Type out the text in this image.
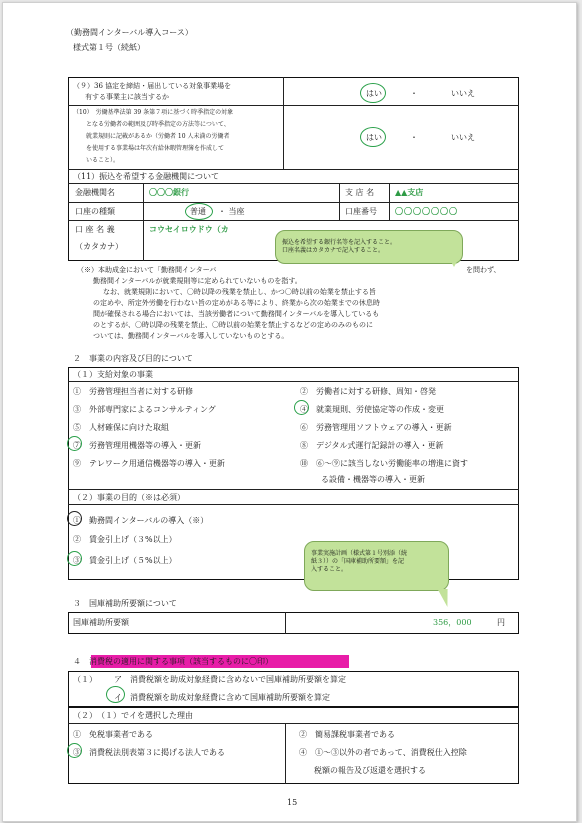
（勤務間インターバル導入コース）
様式第１号（続紙）
（９）36 協定を締結・届出している対象事業場を
有する事業主に該当するか	はい	・	いいえ
（10）　労働基準法第 39 条第７項に基づく時季指定の対象
となる労働者の範囲及び時季指定の方法等について、
就業規則に記載があるか（労働者 10 人未満の労働者
を使用する事業場は年次有給休暇管理簿を作成して
いること）。
はい	・	いいえ
（11）振込を希望する金融機関について
金融機関名	〇〇〇銀行	支 店 名	▲▲支店
口座の種類	普通 ・ 当座	口座番号 〇〇〇〇〇〇〇
口 座 名 義
（カタカナ）
コウセイロウドウ（カ
（※）本助成金において「勤務間インターバ	を問わず、
勤務間インターバルが就業規則等に定められていないものを指す。
なお、就業規則において、〇時以降の残業を禁止し、かつ〇時以前の始業を禁止する旨
の定めや、所定外労働を行わない旨の定めがある等により、終業から次の始業までの休息時
間が確保される場合においては、当該労働者について勤務間インターバルを導入しているも
のとするが、〇時以降の残業を禁止、〇時以前の始業を禁止するなどの定めのみのものに
ついては、勤務間インターバルを導入していないものとする。
振込を希望する銀行名等を記入すること。
口座名義はカタカナで記入すること。
２　事業の内容及び目的について
（１）支給対象の事業
①　労務管理担当者に対する研修
③　外部専門家によるコンサルティング
⑤　人材確保に向けた取組
⑦　労務管理用機器等の導入・更新
⑨　テレワーク用通信機器等の導入・更新
②　労働者に対する研修、周知・啓発
④　就業規則、労使協定等の作成・変更
⑥　労務管理用ソフトウェアの導入・更新
⑧　デジタル式運行記録計の導入・更新
⑩　⑥～⑨に該当しない労働能率の増進に資す
る設備・機器等の導入・更新
（２）事業の目的（※は必須）
①　勤務間インターバルの導入（※）
②　賃金引上げ（３%以上）
③　賃金引上げ（５%以上）
事業実施計画（様式第１号別添（続
紙３））の「国庫補助所要額」を記
入すること。
３　国庫補助所要額について
国庫補助所要額	356，000	円
４　消費税の適用に関する事項（該当するものに〇印）
（１） ア　消費税額を助成対象経費に含めないで国庫補助所要額を算定
イ　消費税額を助成対象経費に含めて国庫補助所要額を算定
（２）　（１）でイを選択した理由
①　免税事業者である
③　消費税法別表第３に掲げる法人である
②　簡易課税事業者である
④　①～③以外の者であって、消費税仕入控除
税額の報告及び返還を選択する
15
